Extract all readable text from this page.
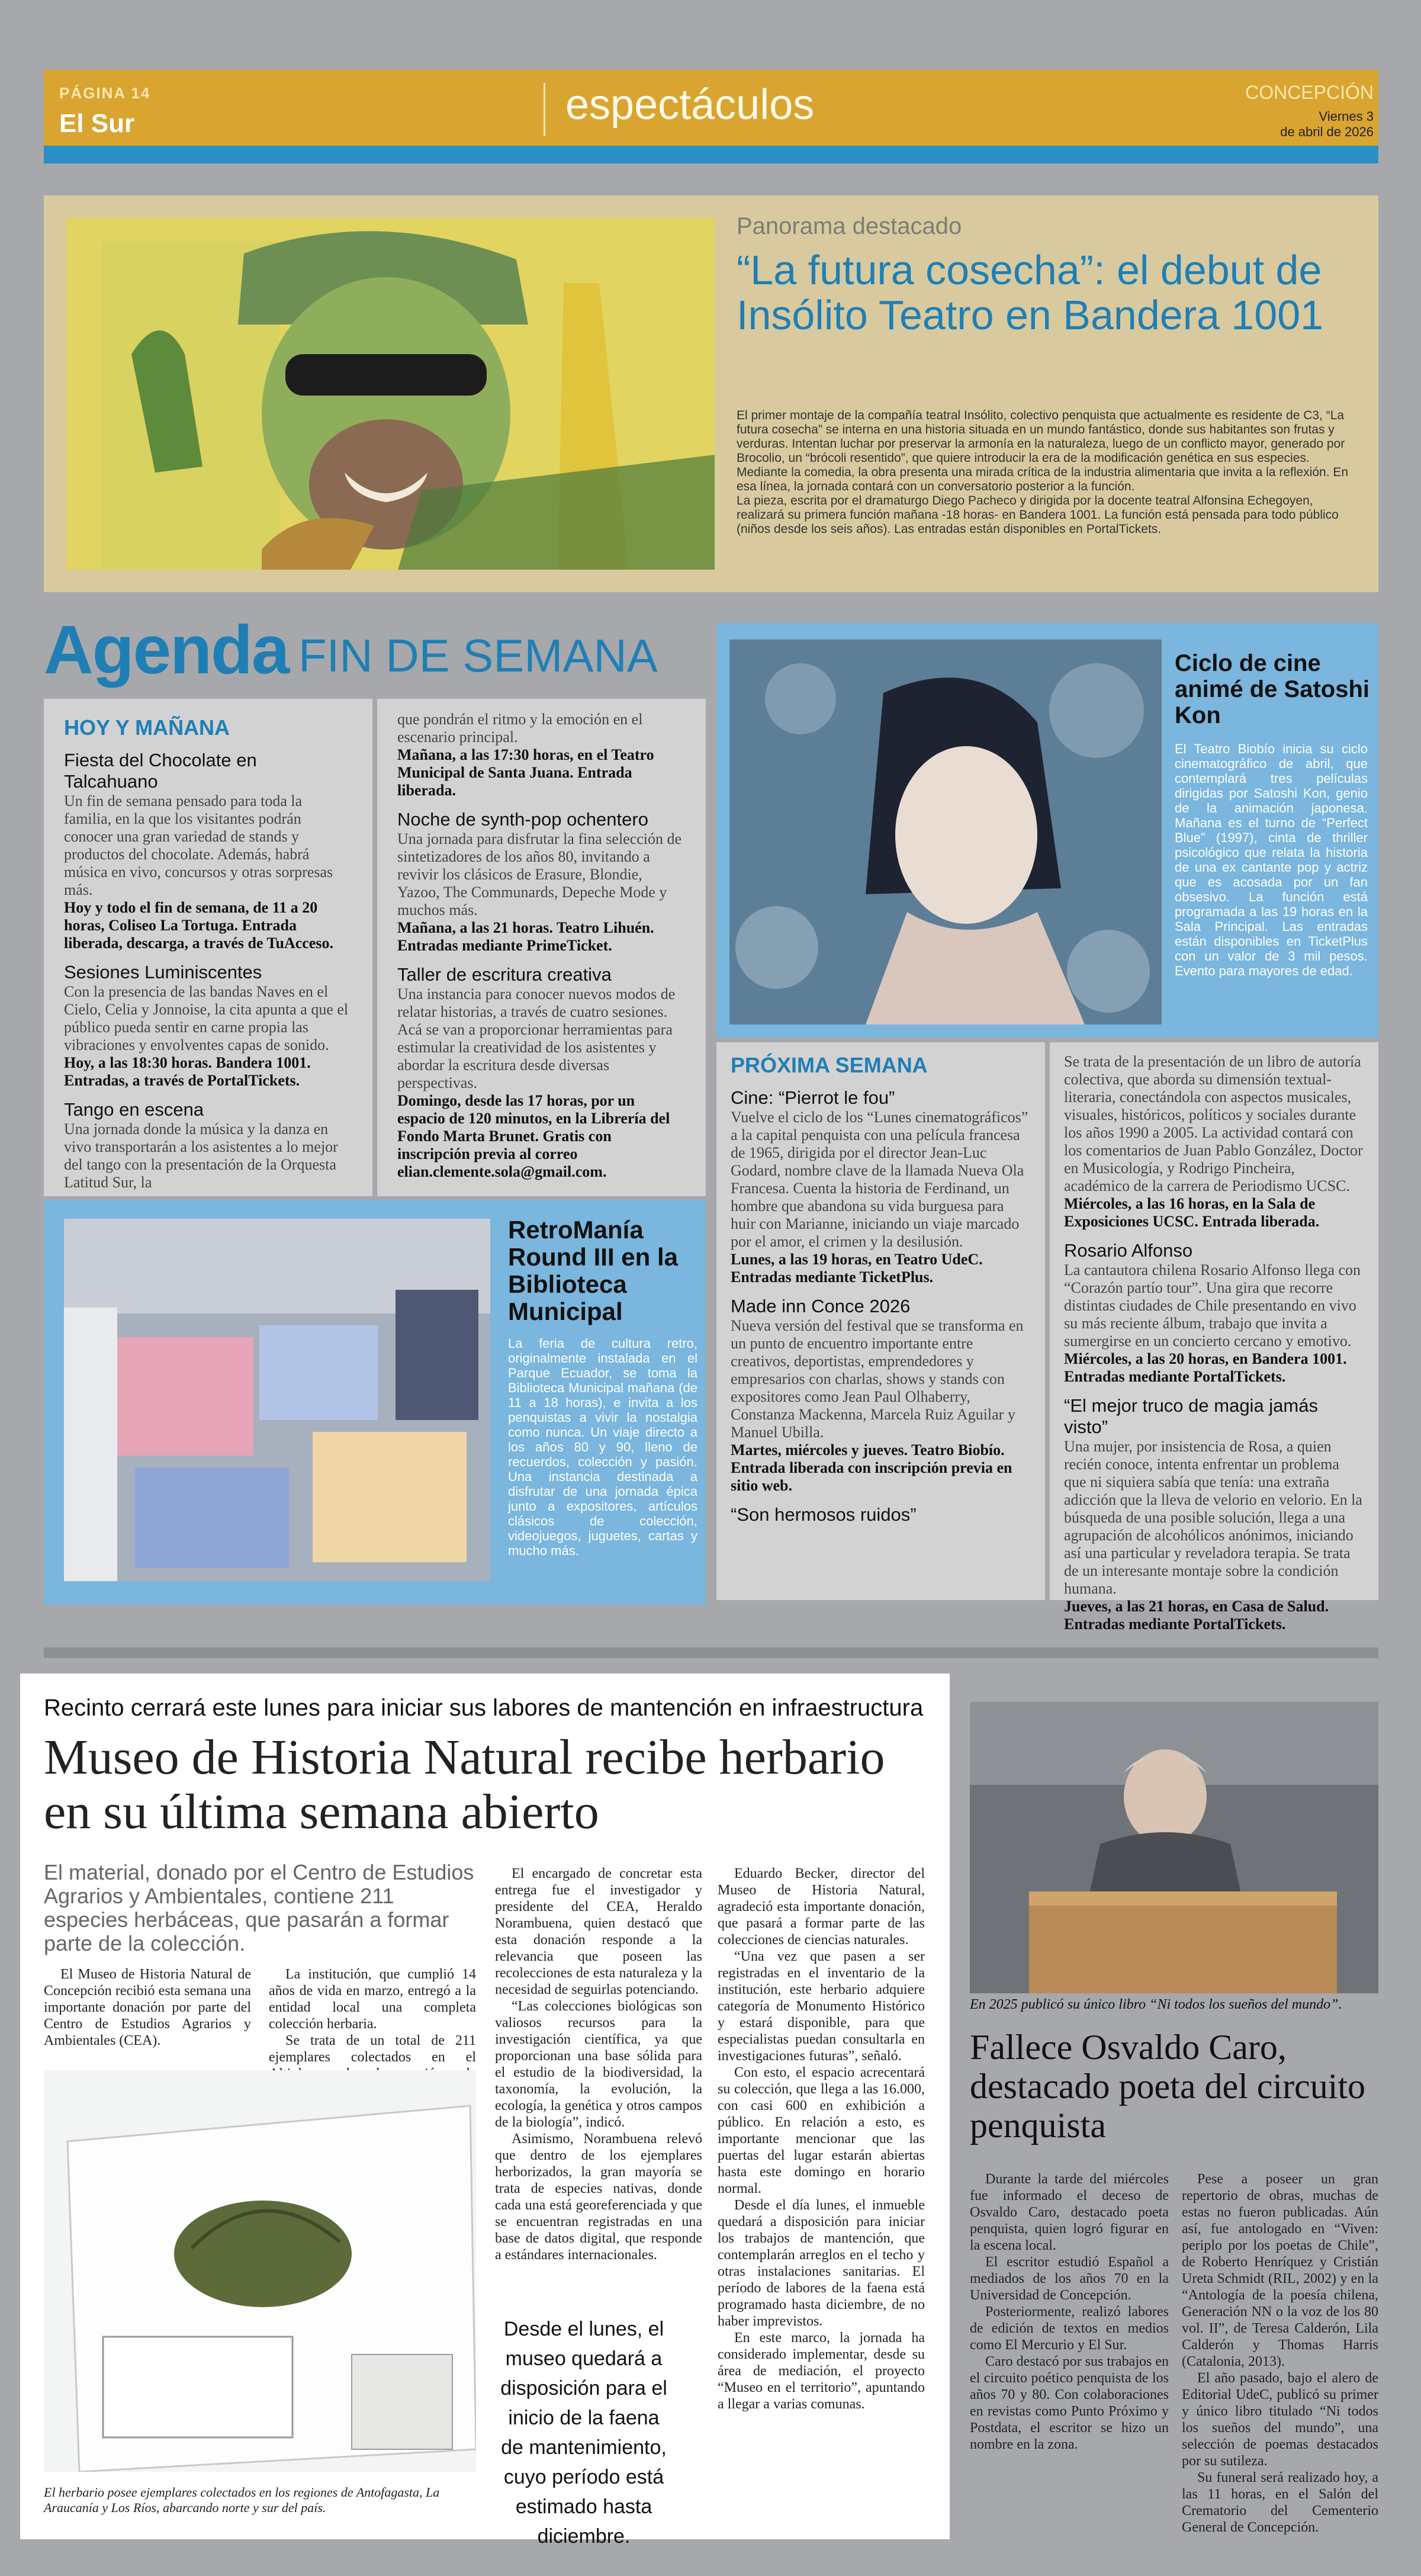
PÁGINA 14
El Sur	espectáculos	CONCEPCIÓN
Viernes 3
de abril de 2026
Panorama destacado
“La futura cosecha”: el debut de Insólito Teatro en Bandera 1001

El primer montaje de la compañía teatral Insólito, colectivo penquista que actualmente es residente de C3, “La futura cosecha” se interna en una historia situada en un mundo fantástico, donde sus habitantes son frutas y verduras. Intentan luchar por preservar la armonía en la naturaleza, luego de un conflicto mayor, generado por Brocolio, un “brócoli resentido”, que quiere introducir la era de la modificación genética en sus especies. Mediante la comedia, la obra presenta una mirada crítica de la industria alimentaria que invita a la reflexión. En esa línea, la jornada contará con un conversatorio posterior a la función.

La pieza, escrita por el dramaturgo Diego Pacheco y dirigida por la docente teatral Alfonsina Echegoyen, realizará su primera función mañana -18 horas- en Bandera 1001. La función está pensada para todo público (niños desde los seis años). Las entradas están disponibles en PortalTickets.

Agenda FIN DE SEMANA
HOY Y MAÑANA
Fiesta del Chocolate en Talcahuano
Un fin de semana pensado para toda la familia, en la que los visitantes podrán conocer una gran variedad de stands y productos del chocolate. Además, habrá música en vivo, concursos y otras sorpresas más.
Hoy y todo el fin de semana, de 11 a 20 horas, Coliseo La Tortuga. Entrada liberada, descarga, a través de TuAcceso.
Sesiones Luminiscentes
Con la presencia de las bandas Naves en el Cielo, Celia y Jonnoise, la cita apunta a que el público pueda sentir en carne propia las vibraciones y envolventes capas de sonido.
Hoy, a las 18:30 horas. Bandera 1001. Entradas, a través de PortalTickets.
Tango en escena
Una jornada donde la música y la danza en vivo transportarán a los asistentes a lo mejor del tango con la presentación de la Orquesta Latitud Sur, la
que pondrán el ritmo y la emoción en el escenario principal.
Mañana, a las 17:30 horas, en el Teatro Municipal de Santa Juana. Entrada liberada.
Noche de synth-pop ochentero
Una jornada para disfrutar la fina selección de sintetizadores de los años 80, invitando a revivir los clásicos de Erasure, Blondie, Yazoo, The Communards, Depeche Mode y muchos más.
Mañana, a las 21 horas. Teatro Lihuén. Entradas mediante PrimeTicket.
Taller de escritura creativa
Una instancia para conocer nuevos modos de relatar historias, a través de cuatro sesiones. Acá se van a proporcionar herramientas para estimular la creatividad de los asistentes y abordar la escritura desde diversas perspectivas.
Domingo, desde las 17 horas, por un espacio de 120 minutos, en la Librería del Fondo Marta Brunet. Gratis con inscripción previa al correo elian.clemente.sola@gmail.com.
Ciclo de cine animé de Satoshi Kon
El Teatro Biobío inicia su ciclo cinematográfico de abril, que contemplará tres películas dirigidas por Satoshi Kon, genio de la animación japonesa. Mañana es el turno de “Perfect Blue” (1997), cinta de thriller psicológico que relata la historia de una ex cantante pop y actriz que es acosada por un fan obsesivo. La función está programada a las 19 horas en la Sala Principal. Las entradas están disponibles en TicketPlus con un valor de 3 mil pesos. Evento para mayores de edad.
PRÓXIMA SEMANA
Cine: “Pierrot le fou”
Vuelve el ciclo de los “Lunes cinematográficos” a la capital penquista con una película francesa de 1965, dirigida por el director Jean-Luc Godard, nombre clave de la llamada Nueva Ola Francesa. Cuenta la historia de Ferdinand, un hombre que abandona su vida burguesa para huir con Marianne, iniciando un viaje marcado por el amor, el crimen y la desilusión.
Lunes, a las 19 horas, en Teatro UdeC. Entradas mediante TicketPlus.
Made inn Conce 2026
Nueva versión del festival que se transforma en un punto de encuentro importante entre creativos, deportistas, emprendedores y empresarios con charlas, shows y stands con expositores como Jean Paul Olhaberry, Constanza Mackenna, Marcela Ruiz Aguilar y Manuel Ubilla.
Martes, miércoles y jueves. Teatro Biobío. Entrada liberada con inscripción previa en sitio web.
“Son hermosos ruidos”
Se trata de la presentación de un libro de autoría colectiva, que aborda su dimensión textual-literaria, conectándola con aspectos musicales, visuales, históricos, políticos y sociales durante los años 1990 a 2005. La actividad contará con los comentarios de Juan Pablo González, Doctor en Musicología, y Rodrigo Pincheira, académico de la carrera de Periodismo UCSC.
Miércoles, a las 16 horas, en la Sala de Exposiciones UCSC. Entrada liberada.
Rosario Alfonso
La cantautora chilena Rosario Alfonso llega con “Corazón partío tour”. Una gira que recorre distintas ciudades de Chile presentando en vivo su más reciente álbum, trabajo que invita a sumergirse en un concierto cercano y emotivo.
Miércoles, a las 20 horas, en Bandera 1001. Entradas mediante PortalTickets.
“El mejor truco de magia jamás visto”
Una mujer, por insistencia de Rosa, a quien recién conoce, intenta enfrentar un problema que ni siquiera sabía que tenía: una extraña adicción que la lleva de velorio en velorio. En la búsqueda de una posible solución, llega a una agrupación de alcohólicos anónimos, iniciando así una particular y reveladora terapia. Se trata de un interesante montaje sobre la condición humana.
Jueves, a las 21 horas, en Casa de Salud. Entradas mediante PortalTickets.
RetroManía Round III en la Biblioteca Municipal
La feria de cultura retro, originalmente instalada en el Parque Ecuador, se toma la Biblioteca Municipal mañana (de 11 a 18 horas), e invita a los penquistas a vivir la nostalgia como nunca. Un viaje directo a los años 80 y 90, lleno de recuerdos, colección y pasión. Una instancia destinada a disfrutar de una jornada épica junto a expositores, artículos clásicos de colección, videojuegos, juguetes, cartas y mucho más.
Recinto cerrará este lunes para iniciar sus labores de mantención en infraestructura
Museo de Historia Natural recibe herbario en su última semana abierto
El material, donado por el Centro de Estudios Agrarios y Ambientales, contiene 211 especies herbáceas, que pasarán a formar parte de la colección.

El Museo de Historia Natural de Concepción recibió esta semana una importante donación por parte del Centro de Estudios Agrarios y Ambientales (CEA).

La institución, que cumplió 14 años de vida en marzo, entregó a la entidad local una completa colección herbaria.

Se trata de un total de 211 ejemplares colectados en el

El encargado de concretar esta entrega fue el investigador y presidente del CEA, Heraldo Norambuena, quien destacó que esta donación responde a la relevancia que poseen las recolecciones de esta naturaleza y la necesidad de seguirlas potenciando.

“Las colecciones biológicas son valiosos recursos para la investigación científica, ya que proporcionan una base sólida para el estudio de la biodiversidad, la taxonomía, la evolución, la ecología, la genética y otros campos de la biología”, indicó.

Asimismo, Norambuena relevó que dentro de los ejemplares herborizados, la gran mayoría se trata de especies nativas, donde cada una está georeferenciada y que se encuentran registradas en una base de datos digital, que responde a estándares internacionales.

Eduardo Becker, director del Museo de Historia Natural, agradeció esta importante donación, que pasará a formar parte de las colecciones de ciencias naturales.

“Una vez que pasen a ser registradas en el inventario de la institución, este herbario adquiere categoría de Monumento Histórico y estará disponible, para que especialistas puedan consultarla en investigaciones futuras”, señaló.

Con esto, el espacio acrecentará su colección, que llega a las 16.000, con casi 600 en exhibición a público. En relación a esto, es importante mencionar que las puertas del lugar estarán abiertas hasta este domingo en horario normal.

Desde el día lunes, el inmueble quedará a disposición para iniciar los trabajos de mantención, que contemplarán arreglos en el techo y otras instalaciones sanitarias. El período de labores de la faena está programado hasta diciembre, de no haber imprevistos.

En este marco, la jornada ha considerado implementar, desde su área de mediación, el proyecto “Museo en el territorio”, apuntando a llegar a varias comunas.

El herbario posee ejemplares colectados en los regiones de Antofagasta, La Araucanía y Los Ríos, abarcando norte y sur del país.
Desde el lunes, el museo quedará a disposición para el inicio de la faena de mantenimiento, cuyo período está estimado hasta diciembre.
En 2025 publicó su único libro “Ni todos los sueños del mundo”.
Fallece Osvaldo Caro, destacado poeta del circuito penquista

Durante la tarde del miércoles fue informado el deceso de Osvaldo Caro, destacado poeta penquista, quien logró figurar en la escena local.

El escritor estudió Español a mediados de los años 70 en la Universidad de Concepción.

Posteriormente, realizó labores de edición de textos en medios como El Mercurio y El Sur.

Caro destacó por sus trabajos en el circuito poético penquista de los años 70 y 80. Con colaboraciones en revistas como Punto Próximo y Postdata, el escritor se hizo un nombre en la zona.

Pese a poseer un gran repertorio de obras, muchas de estas no fueron publicadas. Aún así, fue antologado en “Viven: periplo por los poetas de Chile”, de Roberto Henríquez y Cristián Ureta Schmidt (RIL, 2002) y en la “Antología de la poesía chilena, Generación NN o la voz de los 80 vol. II”, de Teresa Calderón, Lila Calderón y Thomas Harris (Catalonia, 2013).

El año pasado, bajo el alero de Editorial UdeC, publicó su primer y único libro titulado “Ni todos los sueños del mundo”, una selección de poemas destacados por su sutileza.

Su funeral será realizado hoy, a las 11 horas, en el Salón del Crematorio del Cementerio General de Concepción.
